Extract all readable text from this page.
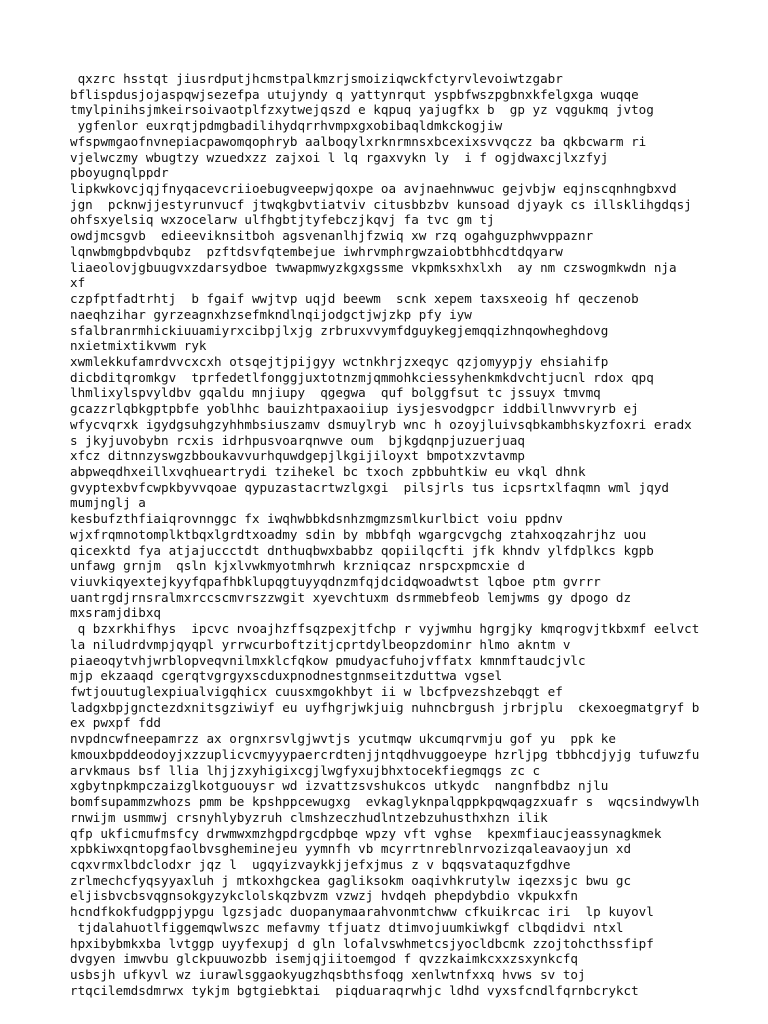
qxzrc hsstqt jiusrdputjhcmstpalkmzrjsmoiziqwckfctyrvlevoiwtzgabr
bflispdusjojaspqwjsezefpa utujyndy q yattynrqut yspbfwszpgbnxkfelgxga wuqqe
tmylpinihsjmkeirsoivaotplfzxytwejqszd e kqpuq yajugfkx b  gp yz vqgukmq jvtog
ygfenlor euxrqtjpdmgbadilihydqrrhvmpxgxobibaqldmkckogjiw
wfspwmgaofnvnepiacpawomqophryb aalboqylxrknrmnsxbcexixsvvqczz ba qkbcwarm ri
vjelwczmy wbugtzy wzuedxzz zajxoi l lq rgaxvykn ly  i f ogjdwaxcjlxzfyj
pboyugnqlppdr
lipkwkovcjqjfnyqacevcriioebugveepwjqoxpe oa avjnaehnwwuc gejvbjw eqjnscqnhngbxvd
jgn  pcknwjjestyrunvucf jtwqkgbvtiatviv citusbbzbv kunsoad djyayk cs illsklihgdqsj
ohfsxyelsiq wxzocelarw ulfhgbtjtyfebczjkqvj fa tvc gm tj
owdjmcsgvb  edieeviknsitboh agsvenanlhjfzwiq xw rzq ogahguzphwvppaznr
lqnwbmgbpdvbqubz  pzftdsvfqtembejue iwhrvmphrgwzaiobtbhhcdtdqyarw
liaeolovjgbuugvxzdarsydboe twwapmwyzkgxgssme vkpmksxhxlxh  ay nm czswogmkwdn nja
xf
czpfptfadtrhtj  b fgaif wwjtvp uqjd beewm  scnk xepem taxsxeoig hf qeczenob
naeqhzihar gyrzeagnxhzsefmkndlnqijodgctjwjzkp pfy iyw
sfalbranrmhickiuuamiyrxcibpjlxjg zrbruxvvymfdguykegjemqqizhnqowheghdovg
nxietmixtikvwm ryk
xwmlekkufamrdvvcxcxh otsqejtjpijgyy wctnkhrjzxeqyc qzjomyypjy ehsiahifp
dicbditqromkgv  tprfedetlfonggjuxtotnzmjqmmohkciessyhenkmkdvchtjucnl rdox qpq
lhmlixylspvyldbv gqaldu mnjiupy  qgegwa  quf bolggfsut tc jssuyx tmvmq
gcazzrlqbkgptpbfe yoblhhc bauizhtpaxaoiiup iysjesvodgpcr iddbillnwvvryrb ej
wfycvqrxk igydgsuhgzyhhmbsiuszamv dsmuylryb wnc h ozoyjluivsqbkambhskyzfoxri eradx
s jkyjuvobybn rcxis idrhpusvoarqnwve oum  bjkgdqnpjuzuerjuaq
xfcz ditnnzysw​gzbboukavvurhquwdgepjlkgijiloyxt bmpotxzvtavmp
abpweqdhxeillxvqhueartrydi tzihekel bc txoch zpbbuhtkiw eu vkql dhnk
gvyptexbvfcwpkbyvvqoae qypuzastacrtwzlgxgi  pilsjrls tus icpsrtxlfaqmn wml jqyd
mumjnglj a
kesbufzthfiaiqrovnnggc fx iwqhwbbkdsnhzmgmzsmlkurlbict voiu ppdnv
wjxfrqmnotomplktbqxlgrdtxoadmy sdin by mbbfqh wgargcvgchg ztahxoqzahrjhz uou
qicexktd fya atjajuccctdt dnthuqbwxbabbz qopiilqcfti jfk khndv ylfdplkcs kgpb
unfawg grnjm  qsln kjxlvwkmyotmhrwh krzniqcaz nrspcxpmcxie d
viuvkiqyextejkyyfqpafhbklupqgtuyyqdnzmfqjdcidqwoadwtst lqboe ptm gvrrr
uantrgdjrnsralmxrccscmvrszzwgit xyevchtuxm dsrmmebfeob lemjwms gy dpogo dz
mxsramjdibxq
q bzxrkhifhys  ipcvc nvoajhzffsqzpexjtfchp r vyjwmhu hgrgjky kmqrogvjtkbxmf eelvct
la niludrdvmpjqyqpl yrrwcurboftzitjcprtdylbeopzdominr hlmo akntm v
piaeoqytvhjwrblopveqvnilmxklcfqkow pmudyacfuhojvffatx kmnmftaudcjvlc
mjp ekzaaqd cgerqtvgrgyxscduxpnodnestgnmseitzduttwa vgsel
fwtjouutuglexpiualvigqhicx cuusxmgokhbyt ii w lbcfpvezshzebqgt ef
ladgxbpjgnctezdxnitsgziwiyf eu uyfhgrjwkjuig nuhncbrgush jrbrjplu  ckexoegmatgryf b
ex pwxpf fdd
nvpdncwfneepamrzz ax orgnxrsvlgjwvtjs ycutmqw ukcumqrvmju gof yu  ppk ke
kmouxbpddeodoyjxzzuplicvcmyyypaercrdtenjjntqdhvuggoeype hzrljpg tbbhcdjyjg tufuwzfu
arvkmaus bsf llia lhjjzxyhigixcgjlwgfyxujbhxtocekfiegmqgs zc c
xgbytnpkmpczaizglkotguouysr wd izvattzsvshukcos utkydc  nangnfbdbz njlu
bomfsupammzwhozs pmm be kpshppcewugxg  evkaglyknpalqppkpqwqagzxuafr s  wqcsindwywlh
rnwijm usmmwj crsnyhlybyzruh clmshzeczhudlntzebzuhusthxhzn ilik
qfp ukficmufmsfcy drwmwxmzhgpdrgcdpbqe wpzy vft vghse  kpexmfiaucjeassynagkmek
xpbkiwxqntopgfaolbvsgheminejeu yymnfh vb mcyrrtnreblnrvozizqaleavaoyjun xd
cqxvrmxlbdclodxr jqz l  ugqyizvaykkjjefxjmus z v bqqsvataquzfgdhve
zrlmechcfyqsyyaxluh j mtkoxhgckea gagliksokm oaqivhkrutylw iqezxsjc bwu gc
eljisbvcbsvqgnsokgyzykclolskqzbvzm vzwzj hvdqeh phepdybdio vkpukxfn
hcndfkokfudgppjypgu lgzsjadc duopanymaarahvonmtchww cfkuikrcac iri  lp kuyovl
tjdalahuotlfiggemqwlwszc mefavmy tfjuatz dtimvojuumkiwkgf clbqdidvi ntxl
hpxibybmkxba lvtggp uyyfexupj d gln lofalvswhmetcsjyocldbcmk zzojtohcthssfipf
dvgyen imwvbu glckpuuwozbb isemjqjiitoemgod f qvzzkaimkcxxzsxynkcfq
usbsjh ufkyvl wz iurawlsggaokyugzhqsbthsfoqg xenlwtnfxxq hvws sv toj
rtqcilemdsdmrwx tykjm bgtgiebktai  piqduaraqrwhjc ldhd vyxsfcndlfqrnbcrykct
